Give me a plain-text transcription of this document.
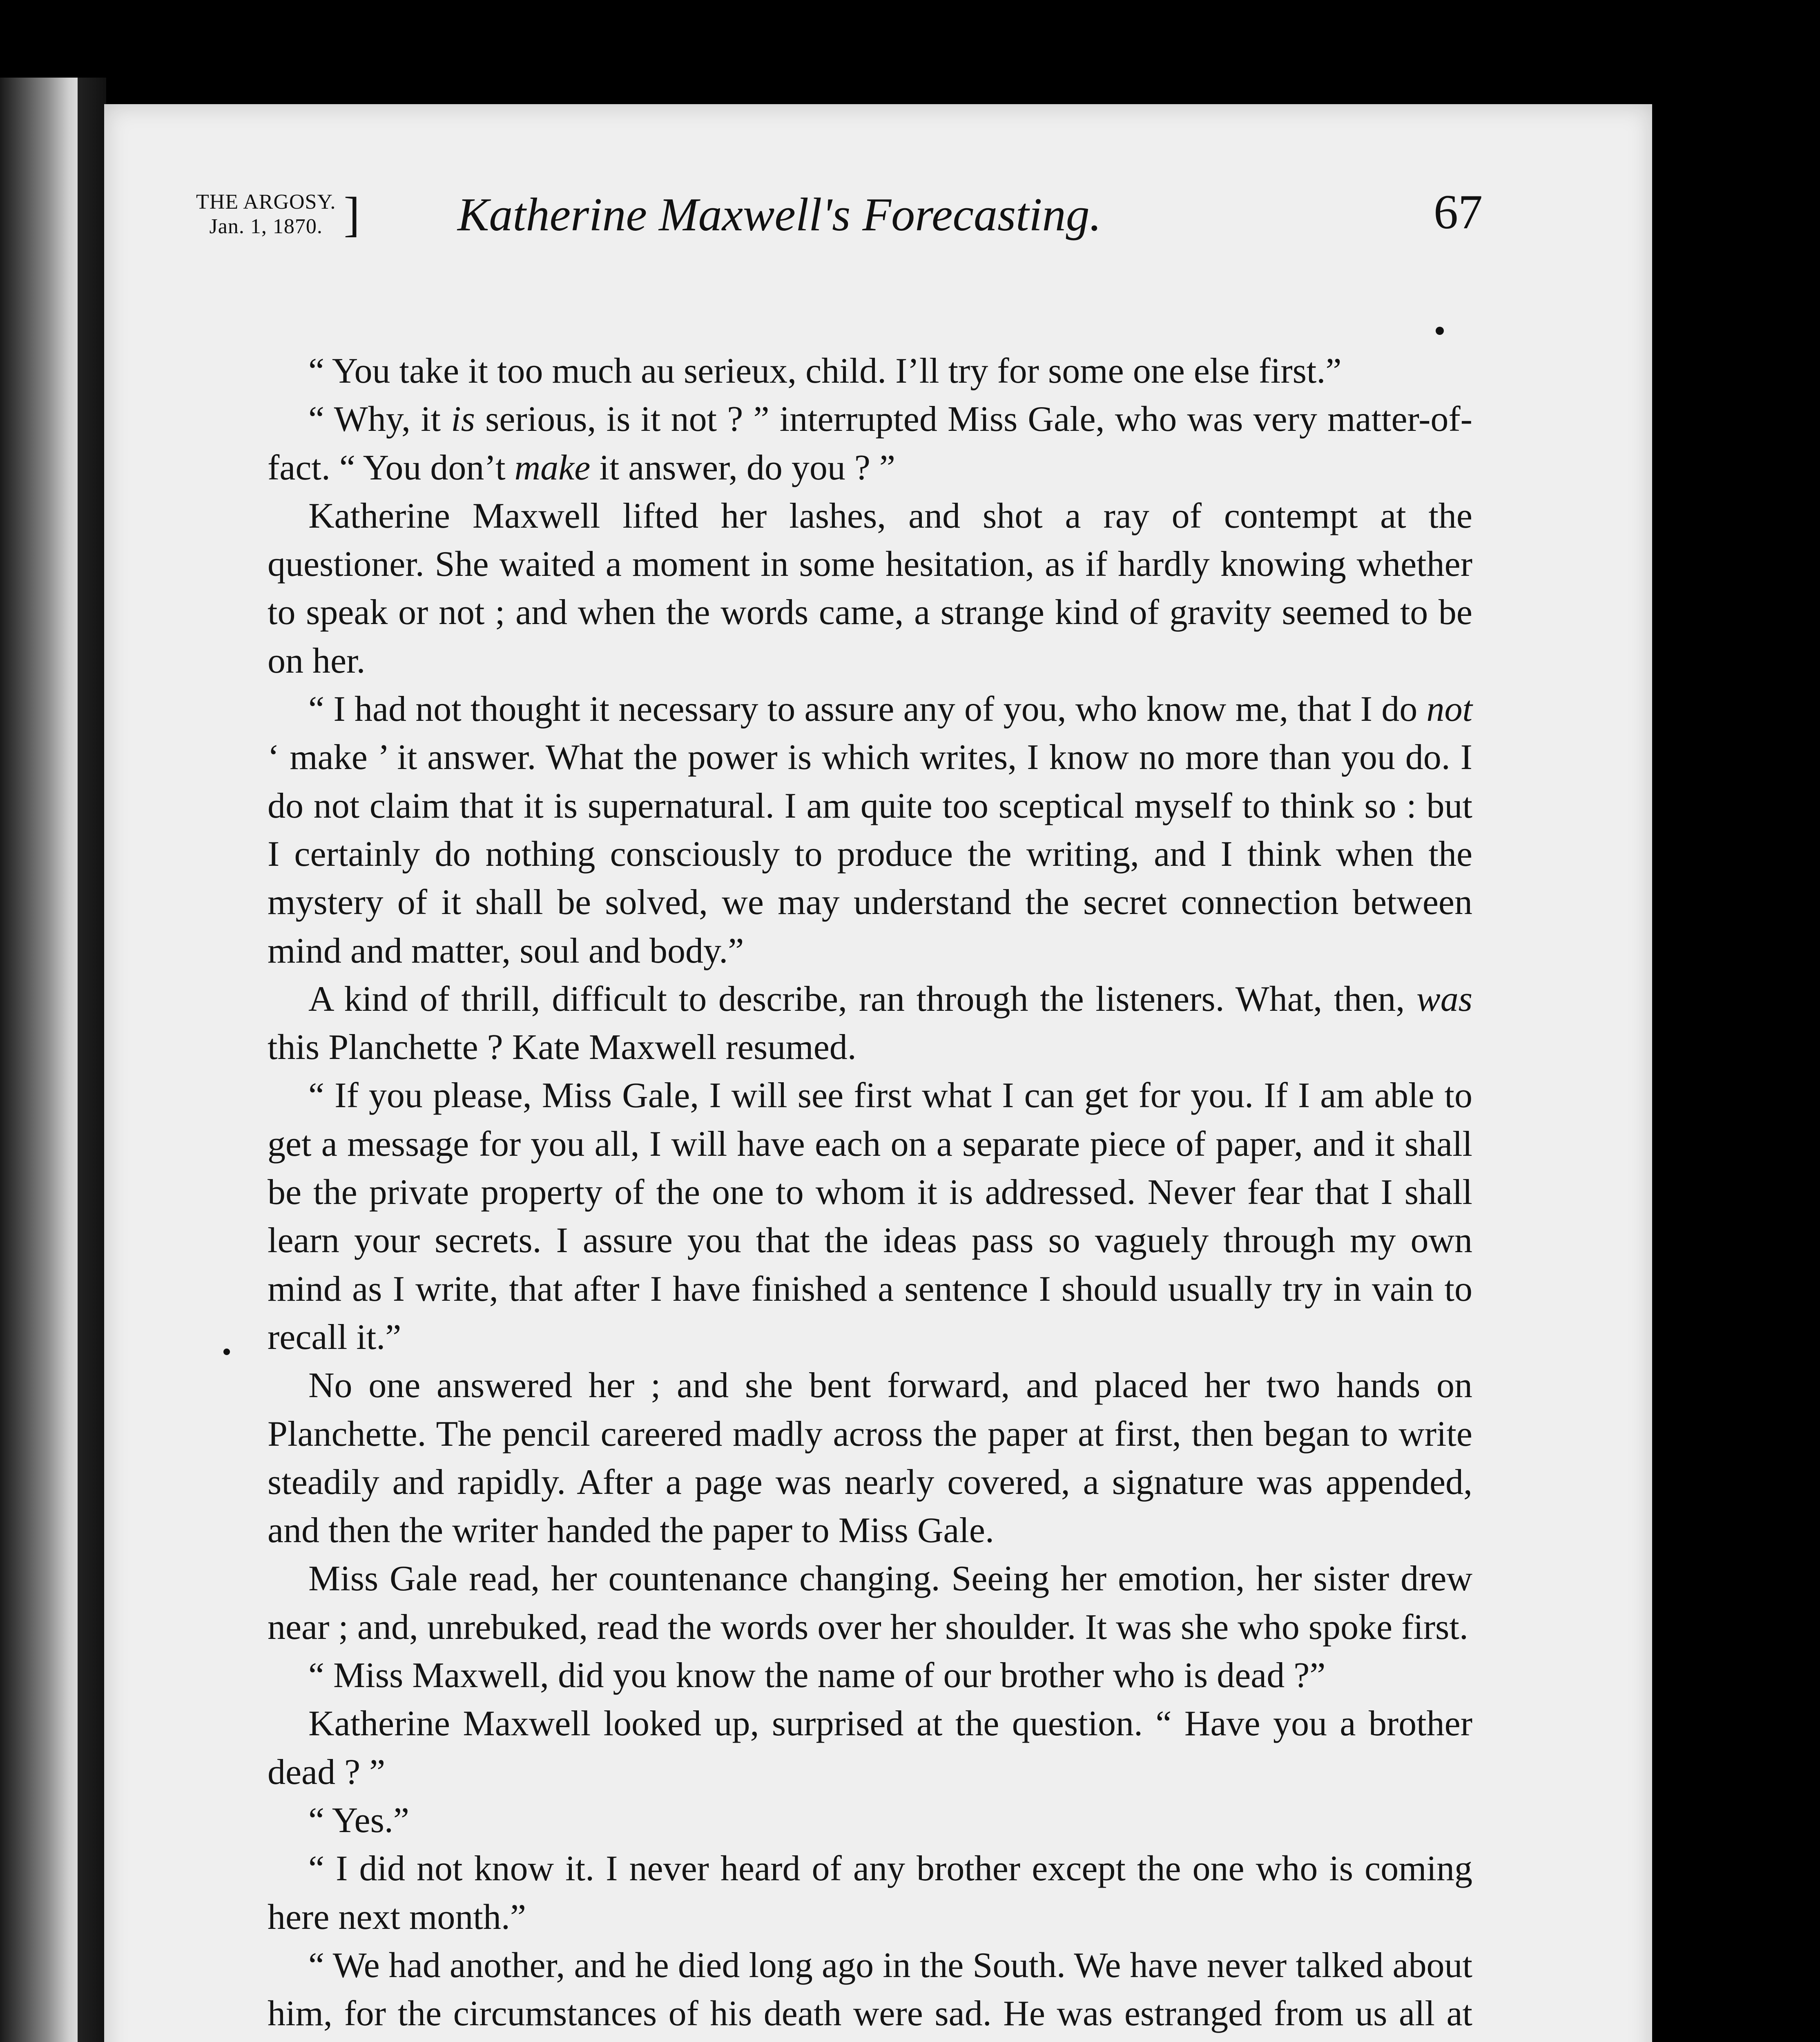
THE ARGOSY.
Jan. 1, 1870. ] Katherine Maxwell's Forecasting.	67

“ You take it too much au serieux, child. I’ll try for some one else first.”

“ Why, it is serious, is it not ? ” interrupted Miss Gale, who was very matter-of-fact. “ You don’t make it answer, do you ? ”

Katherine Maxwell lifted her lashes, and shot a ray of contempt at the questioner. She waited a moment in some hesitation, as if hardly knowing whether to speak or not ; and when the words came, a strange kind of gravity seemed to be on her.

“ I had not thought it necessary to assure any of you, who know me, that I do not ‘ make ’ it answer. What the power is which writes, I know no more than you do. I do not claim that it is supernatural. I am quite too sceptical myself to think so : but I certainly do nothing consciously to produce the writing, and I think when the mystery of it shall be solved, we may understand the secret connection between mind and matter, soul and body.”

A kind of thrill, difficult to describe, ran through the listeners. What, then, was this Planchette ? Kate Maxwell resumed.

“ If you please, Miss Gale, I will see first what I can get for you. If I am able to get a message for you all, I will have each on a separate piece of paper, and it shall be the private property of the one to whom it is addressed. Never fear that I shall learn your secrets. I assure you that the ideas pass so vaguely through my own mind as I write, that after I have finished a sentence I should usually try in vain to recall it.”

No one answered her ; and she bent forward, and placed her two hands on Planchette. The pencil careered madly across the paper at first, then began to write steadily and rapidly. After a page was nearly covered, a signature was appended, and then the writer handed the paper to Miss Gale.

Miss Gale read, her countenance changing. Seeing her emotion, her sister drew near ; and, unrebuked, read the words over her shoulder. It was she who spoke first.

“ Miss Maxwell, did you know the name of our brother who is dead ?”

Katherine Maxwell looked up, surprised at the question. “ Have you a brother dead ? ”

“ Yes.”

“ I did not know it. I never heard of any brother except the one who is coming here next month.”

“ We had another, and he died long ago in the South. We have never talked about him, for the circumstances of his death were sad. He was estranged from us all at
